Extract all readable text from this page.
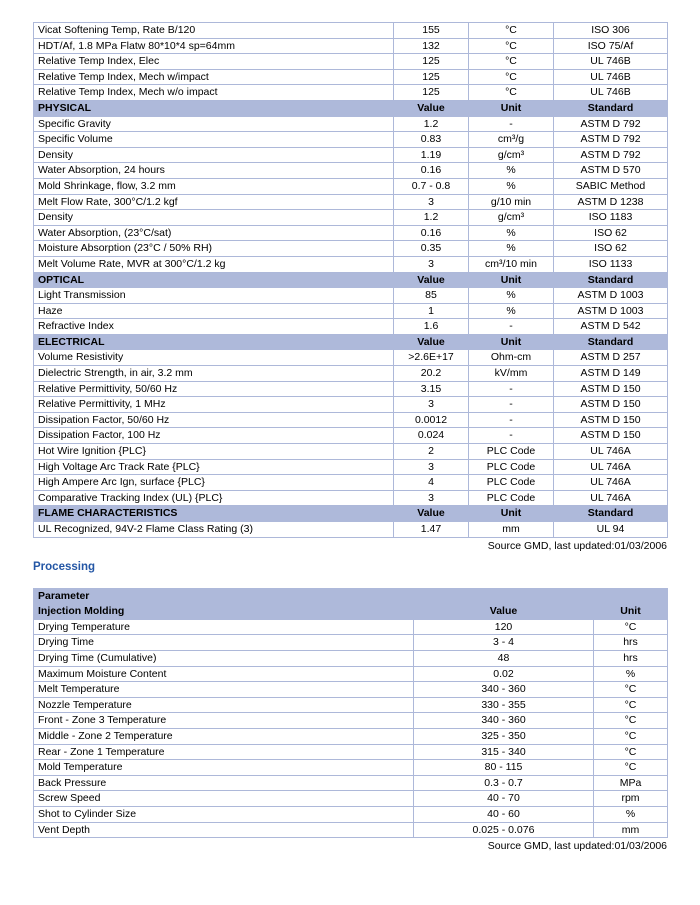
Vicat Softening Temp, Rate B/120	155	°C	ISO 306
HDT/Af, 1.8 MPa Flatw 80*10*4 sp=64mm	132	°C	ISO 75/Af
Relative Temp Index, Elec	125	°C	UL 746B
Relative Temp Index, Mech w/impact	125	°C	UL 746B
Relative Temp Index, Mech w/o impact	125	°C	UL 746B
PHYSICAL	Value	Unit	Standard
Specific Gravity	1.2	-	ASTM D 792
Specific Volume	0.83	cm³/g	ASTM D 792
Density	1.19	g/cm³	ASTM D 792
Water Absorption, 24 hours	0.16	%	ASTM D 570
Mold Shrinkage, flow, 3.2 mm	0.7 - 0.8	%	SABIC Method
Melt Flow Rate, 300°C/1.2 kgf	3	g/10 min	ASTM D 1238
Density	1.2	g/cm³	ISO 1183
Water Absorption, (23°C/sat)	0.16	%	ISO 62
Moisture Absorption (23°C / 50% RH)	0.35	%	ISO 62
Melt Volume Rate, MVR at 300°C/1.2 kg	3	cm³/10 min	ISO 1133
OPTICAL	Value	Unit	Standard
Light Transmission	85	%	ASTM D 1003
Haze	1	%	ASTM D 1003
Refractive Index	1.6	-	ASTM D 542
ELECTRICAL	Value	Unit	Standard
Volume Resistivity	>2.6E+17	Ohm-cm	ASTM D 257
Dielectric Strength, in air, 3.2 mm	20.2	kV/mm	ASTM D 149
Relative Permittivity, 50/60 Hz	3.15	-	ASTM D 150
Relative Permittivity, 1 MHz	3	-	ASTM D 150
Dissipation Factor, 50/60 Hz	0.0012	-	ASTM D 150
Dissipation Factor, 100 Hz	0.024	-	ASTM D 150
Hot Wire Ignition {PLC}	2	PLC Code	UL 746A
High Voltage Arc Track Rate {PLC}	3	PLC Code	UL 746A
High Ampere Arc Ign, surface {PLC}	4	PLC Code	UL 746A
Comparative Tracking Index (UL) {PLC}	3	PLC Code	UL 746A
FLAME CHARACTERISTICS	Value	Unit	Standard
UL Recognized, 94V-2 Flame Class Rating (3)	1.47	mm	UL 94
Source GMD, last updated:01/03/2006
Processing
Parameter		
Injection Molding	Value	Unit
Drying Temperature	120	°C
Drying Time	3 - 4	hrs
Drying Time (Cumulative)	48	hrs
Maximum Moisture Content	0.02	%
Melt Temperature	340 - 360	°C
Nozzle Temperature	330 - 355	°C
Front - Zone 3 Temperature	340 - 360	°C
Middle - Zone 2 Temperature	325 - 350	°C
Rear - Zone 1 Temperature	315 - 340	°C
Mold Temperature	80 - 115	°C
Back Pressure	0.3 - 0.7	MPa
Screw Speed	40 - 70	rpm
Shot to Cylinder Size	40 - 60	%
Vent Depth	0.025 - 0.076	mm
Source GMD, last updated:01/03/2006
